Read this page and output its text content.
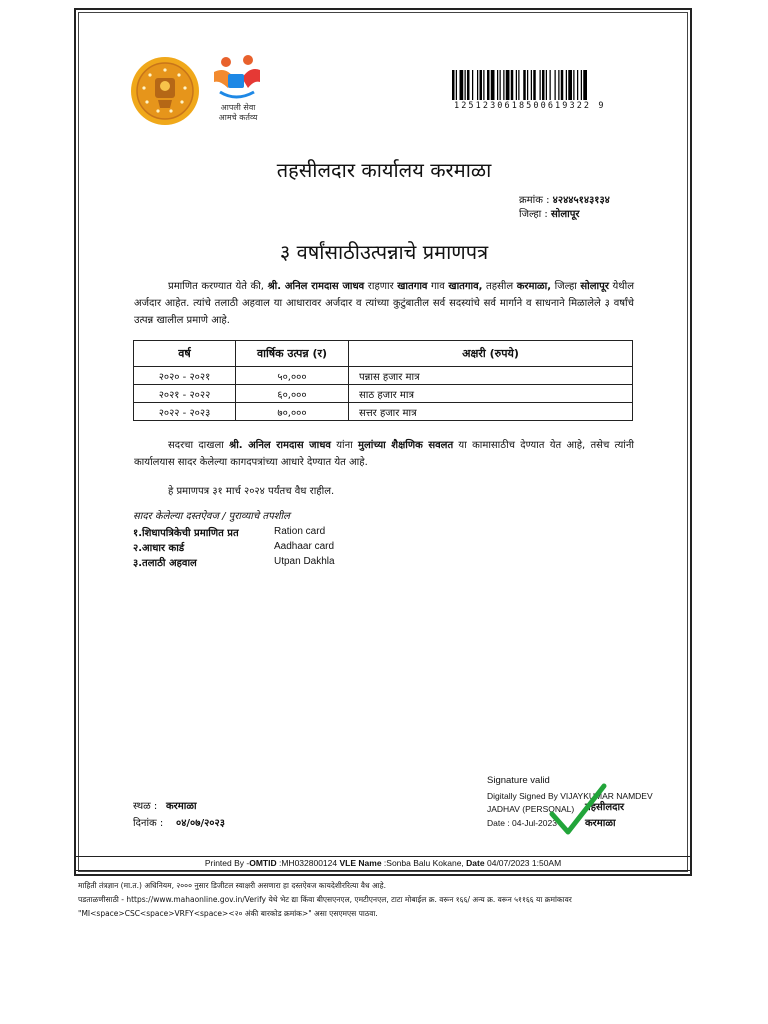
आपली सेवा
आमचे कर्तव्य
1251230618500619322 9
तहसीलदार कार्यालय करमाळा
क्रमांक : ४२४४५१४३१३४
जिल्हा : सोलापूर
३ वर्षांसाठीउत्पन्नाचे प्रमाणपत्र
प्रमाणित करण्यात येते की, श्री. अनिल रामदास जाधव राहणार खातगाव गाव खातगाव, तहसील करमाळा, जिल्हा सोलापूर येथील अर्जदार आहेत. त्यांचे तलाठी अहवाल या आधारावर अर्जदार व त्यांच्या कुटुंबातील सर्व सदस्यांचे सर्व मार्गाने व साधनाने मिळालेले ३ वर्षांचे उत्पन्न खालील प्रमाणे आहे.
वर्ष	वार्षिक उत्पन्न (र)	अक्षरी (रुपये)
२०२० - २०२१	५०,०००	पन्नास हजार मात्र
२०२१ - २०२२	६०,०००	साठ हजार मात्र
२०२२ - २०२३	७०,०००	सत्तर हजार मात्र
सदरचा दाखला श्री. अनिल रामदास जाधव यांना मुलांच्या शैक्षणिक सवलत या कामासाठीच देण्यात येत आहे, तसेच त्यांनी कार्यालयास सादर केलेल्या कागदपत्रांच्या आधारे देण्यात येत आहे.
हे प्रमाणपत्र ३१ मार्च २०२४ पर्यंतच वैध राहील.
सादर केलेल्या दस्तऐवज / पुराव्याचे तपशील
१.शिधापत्रिकेची प्रमाणित प्रत	Ration card
२.आधार कार्ड	Aadhaar card
३.तलाठी अहवाल	Utpan Dakhla
Signature valid
Digitally Signed By VIJAYKUMAR NAMDEV
JADHAV (PERSONAL)
Date : 04-Jul-2023
तहसीलदार
करमाळा
स्थळ : करमाळा
दिनांक : ०४/०७/२०२३
Printed By -OMTID :MH032800124 VLE Name :Sonba Balu Kokane, Date 04/07/2023 1:50AM
माहिती तंत्रज्ञान (मा.त.) अधिनियम, २००० नुसार डिजीटल स्वाक्षरी असणारा हा दस्तऐवज कायदेशीररित्या वैध आहे.
पडताळणीसाठी - https://www.mahaonline.gov.in/Verify येथे भेट द्या किंवा बीएसएनएल, एमटीएनएल, टाटा मोबाईल क्र. वरून १६६/ अन्य क्र. वरून ५११६६ या क्रमांकावर
"MI<space>CSC<space>VRFY<space><२० अंकी बारकोड क्रमांक>" असा एसएमएस पाठवा.
